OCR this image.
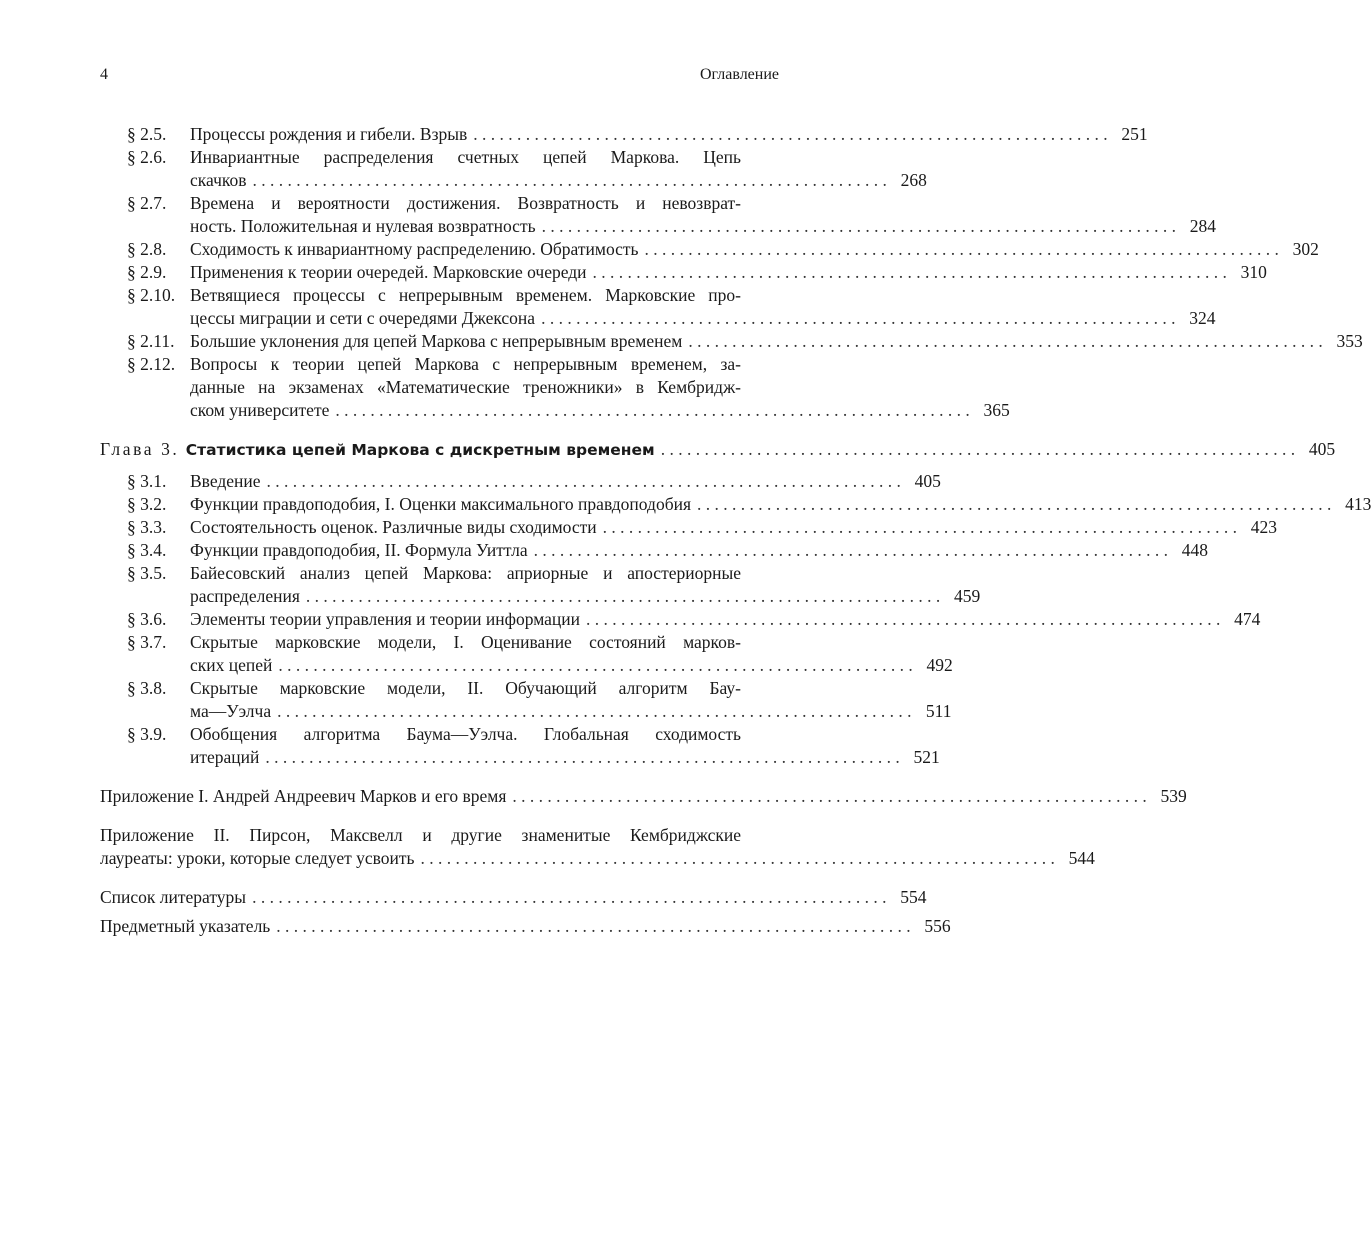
4	Оглавление
§ 2.5. Процессы рождения и гибели. Взрыв . . . . . . . . . . . . . . . . . . . . . . . . . . . . . . . . . . . . . . . . . . . . . . . . . . . . . . . . . . . . . . . . . . . . . . . . . 251
§ 2.6. Инвариантные распределения счетных цепей Маркова. Цепь
скачков . . . . . . . . . . . . . . . . . . . . . . . . . . . . . . . . . . . . . . . . . . . . . . . . . . . . . . . . . . . . . . . . . . . . . . . . . 268
§ 2.7. Времена и вероятности достижения. Возвратность и невозврат-
ность. Положительная и нулевая возвратность . . . . . . . . . . . . . . . . . . . . . . . . . . . . . . . . . . . . . . . . . . . . . . . . . . . . . . . . . . . . . . . . . . . . . . . . . 284
§ 2.8. Сходимость к инвариантному распределению. Обратимость . . . . . . . . . . . . . . . . . . . . . . . . . . . . . . . . . . . . . . . . . . . . . . . . . . . . . . . . . . . . . . . . . . . . . . . . . 302
§ 2.9. Применения к теории очередей. Марковские очереди . . . . . . . . . . . . . . . . . . . . . . . . . . . . . . . . . . . . . . . . . . . . . . . . . . . . . . . . . . . . . . . . . . . . . . . . . 310
§ 2.10. Ветвящиеся процессы с непрерывным временем. Марковские про-
цессы миграции и сети с очередями Джексона . . . . . . . . . . . . . . . . . . . . . . . . . . . . . . . . . . . . . . . . . . . . . . . . . . . . . . . . . . . . . . . . . . . . . . . . . 324
§ 2.11. Большие уклонения для цепей Маркова с непрерывным временем . . . . . . . . . . . . . . . . . . . . . . . . . . . . . . . . . . . . . . . . . . . . . . . . . . . . . . . . . . . . . . . . . . . . . . . . . 353
§ 2.12. Вопросы к теории цепей Маркова с непрерывным временем, за-
данные на экзаменах «Математические треножники» в Кембридж-
ском университете . . . . . . . . . . . . . . . . . . . . . . . . . . . . . . . . . . . . . . . . . . . . . . . . . . . . . . . . . . . . . . . . . . . . . . . . . 365
Глава 3. Статистика цепей Маркова с дискретным временем . . . . . . . . . . . . . . . . . . . . . . . . . . . . . . . . . . . . . . . . . . . . . . . . . . . . . . . . . . . . . . . . . . . . . . . . . 405
§ 3.1. Введение . . . . . . . . . . . . . . . . . . . . . . . . . . . . . . . . . . . . . . . . . . . . . . . . . . . . . . . . . . . . . . . . . . . . . . . . . 405
§ 3.2. Функции правдоподобия, I. Оценки максимального правдоподобия . . . . . . . . . . . . . . . . . . . . . . . . . . . . . . . . . . . . . . . . . . . . . . . . . . . . . . . . . . . . . . . . . . . . . . . . . 413
§ 3.3. Состоятельность оценок. Различные виды сходимости . . . . . . . . . . . . . . . . . . . . . . . . . . . . . . . . . . . . . . . . . . . . . . . . . . . . . . . . . . . . . . . . . . . . . . . . . 423
§ 3.4. Функции правдоподобия, II. Формула Уиттла . . . . . . . . . . . . . . . . . . . . . . . . . . . . . . . . . . . . . . . . . . . . . . . . . . . . . . . . . . . . . . . . . . . . . . . . . 448
§ 3.5. Байесовский анализ цепей Маркова: априорные и апостериорные
распределения . . . . . . . . . . . . . . . . . . . . . . . . . . . . . . . . . . . . . . . . . . . . . . . . . . . . . . . . . . . . . . . . . . . . . . . . . 459
§ 3.6. Элементы теории управления и теории информации . . . . . . . . . . . . . . . . . . . . . . . . . . . . . . . . . . . . . . . . . . . . . . . . . . . . . . . . . . . . . . . . . . . . . . . . . 474
§ 3.7. Скрытые марковские модели, I. Оценивание состояний марков-
ских цепей . . . . . . . . . . . . . . . . . . . . . . . . . . . . . . . . . . . . . . . . . . . . . . . . . . . . . . . . . . . . . . . . . . . . . . . . . 492
§ 3.8. Скрытые марковские модели, II. Обучающий алгоритм Бау-
ма—Уэлча . . . . . . . . . . . . . . . . . . . . . . . . . . . . . . . . . . . . . . . . . . . . . . . . . . . . . . . . . . . . . . . . . . . . . . . . . 511
§ 3.9. Обобщения алгоритма Баума—Уэлча. Глобальная сходимость
итераций . . . . . . . . . . . . . . . . . . . . . . . . . . . . . . . . . . . . . . . . . . . . . . . . . . . . . . . . . . . . . . . . . . . . . . . . . 521
Приложение I. Андрей Андреевич Марков и его время . . . . . . . . . . . . . . . . . . . . . . . . . . . . . . . . . . . . . . . . . . . . . . . . . . . . . . . . . . . . . . . . . . . . . . . . . 539
Приложение II. Пирсон, Максвелл и другие знаменитые Кембриджские
лауреаты: уроки, которые следует усвоить . . . . . . . . . . . . . . . . . . . . . . . . . . . . . . . . . . . . . . . . . . . . . . . . . . . . . . . . . . . . . . . . . . . . . . . . . 544
Список литературы . . . . . . . . . . . . . . . . . . . . . . . . . . . . . . . . . . . . . . . . . . . . . . . . . . . . . . . . . . . . . . . . . . . . . . . . . 554
Предметный указатель . . . . . . . . . . . . . . . . . . . . . . . . . . . . . . . . . . . . . . . . . . . . . . . . . . . . . . . . . . . . . . . . . . . . . . . . . 556
